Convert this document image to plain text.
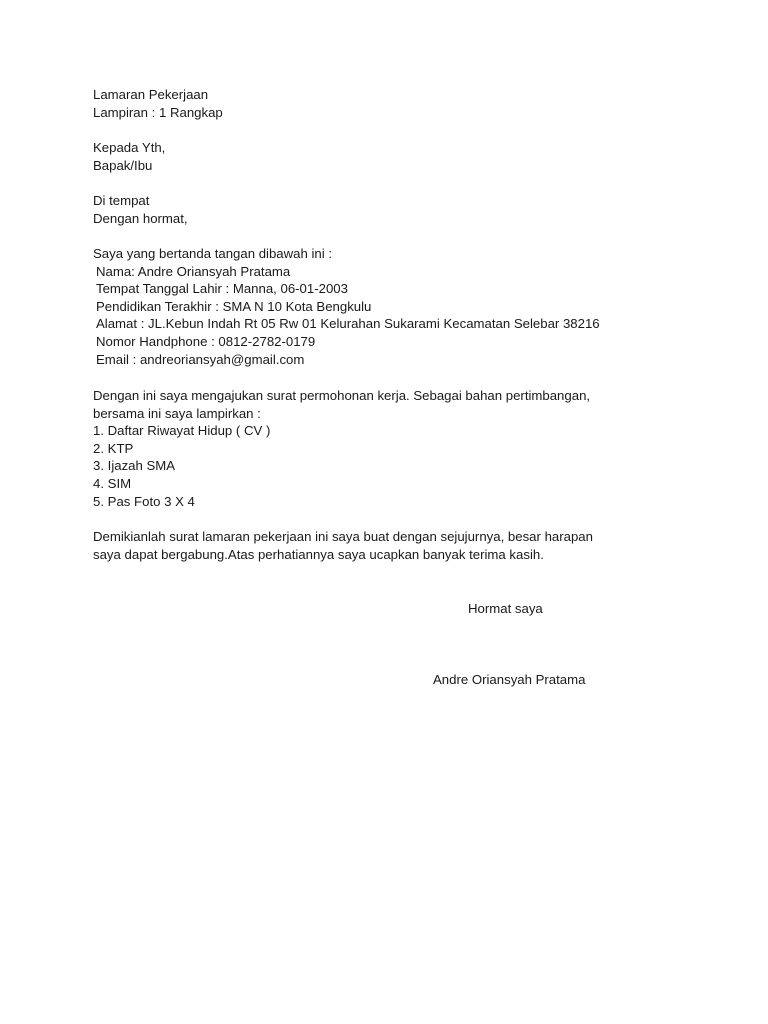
Lamaran Pekerjaan
Lampiran : 1 Rangkap
Kepada Yth,
Bapak/Ibu
Di tempat
Dengan hormat,
Saya yang bertanda tangan dibawah ini :
Nama: Andre Oriansyah Pratama
Tempat Tanggal Lahir : Manna, 06-01-2003
Pendidikan Terakhir : SMA N 10 Kota Bengkulu
Alamat : JL.Kebun Indah Rt 05 Rw 01 Kelurahan Sukarami Kecamatan Selebar 38216
Nomor Handphone : 0812-2782-0179
Email : andreoriansyah@gmail.com
Dengan ini saya mengajukan surat permohonan kerja. Sebagai bahan pertimbangan,
bersama ini saya lampirkan :
1. Daftar Riwayat Hidup ( CV )
2. KTP
3. Ijazah SMA
4. SIM
5. Pas Foto 3 X 4
Demikianlah surat lamaran pekerjaan ini saya buat dengan sejujurnya, besar harapan
saya dapat bergabung.Atas perhatiannya saya ucapkan banyak terima kasih.
Hormat saya
Andre Oriansyah Pratama
